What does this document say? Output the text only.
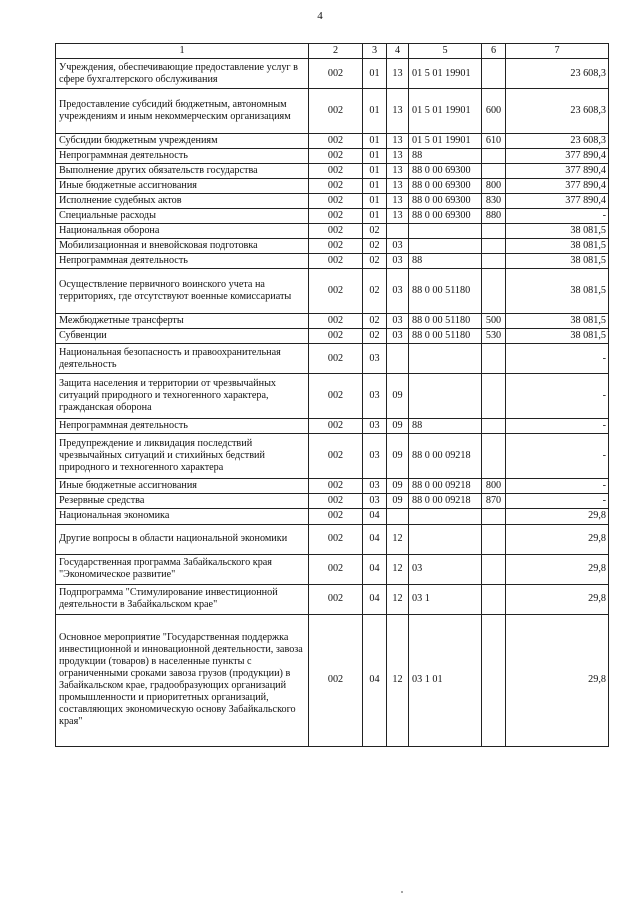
4
1	2	3	4	5	6	7
Учреждения, обеспечивающие предоставление услуг в сфере бухгалтерского обслуживания	002	01	13	01 5 01 19901		23 608,3
Предоставление субсидий бюджетным, автономным учреждениям и иным некоммерческим организациям	002	01	13	01 5 01 19901	600	23 608,3
Субсидии бюджетным учреждениям	002	01	13	01 5 01 19901	610	23 608,3
Непрограммная деятельность	002	01	13	88		377 890,4
Выполнение других обязательств государства	002	01	13	88 0 00 69300		377 890,4
Иные бюджетные ассигнования	002	01	13	88 0 00 69300	800	377 890,4
Исполнение судебных актов	002	01	13	88 0 00 69300	830	377 890,4
Специальные расходы	002	01	13	88 0 00 69300	880	-
Национальная оборона	002	02				38 081,5
Мобилизационная и вневойсковая подготовка	002	02	03			38 081,5
Непрограммная деятельность	002	02	03	88		38 081,5
Осуществление первичного воинского учета на территориях, где отсутствуют военные комиссариаты	002	02	03	88 0 00 51180		38 081,5
Межбюджетные трансферты	002	02	03	88 0 00 51180	500	38 081,5
Субвенции	002	02	03	88 0 00 51180	530	38 081,5
Национальная безопасность и правоохранительная деятельность	002	03				-
Защита населения и территории от чрезвычайных ситуаций природного и техногенного характера, гражданская оборона	002	03	09			-
Непрограммная деятельность	002	03	09	88		-
Предупреждение и ликвидация последствий чрезвычайных ситуаций и стихийных бедствий природного и техногенного характера	002	03	09	88 0 00 09218		-
Иные бюджетные ассигнования	002	03	09	88 0 00 09218	800	-
Резервные средства	002	03	09	88 0 00 09218	870	-
Национальная экономика	002	04				29,8
Другие вопросы в области национальной экономики	002	04	12			29,8
Государственная программа Забайкальского края "Экономическое развитие"	002	04	12	03		29,8
Подпрограмма "Стимулирование инвестиционной деятельности в Забайкальском крае"	002	04	12	03 1		29,8
Основное мероприятие "Государственная поддержка инвестиционной и инновационной деятельности, завоза продукции (товаров) в населенные пункты с ограниченными сроками завоза грузов (продукции) в Забайкальском крае, градообразующих организаций промышленности и приоритетных организаций, составляющих экономическую основу Забайкальского края"	002	04	12	03 1 01		29,8
